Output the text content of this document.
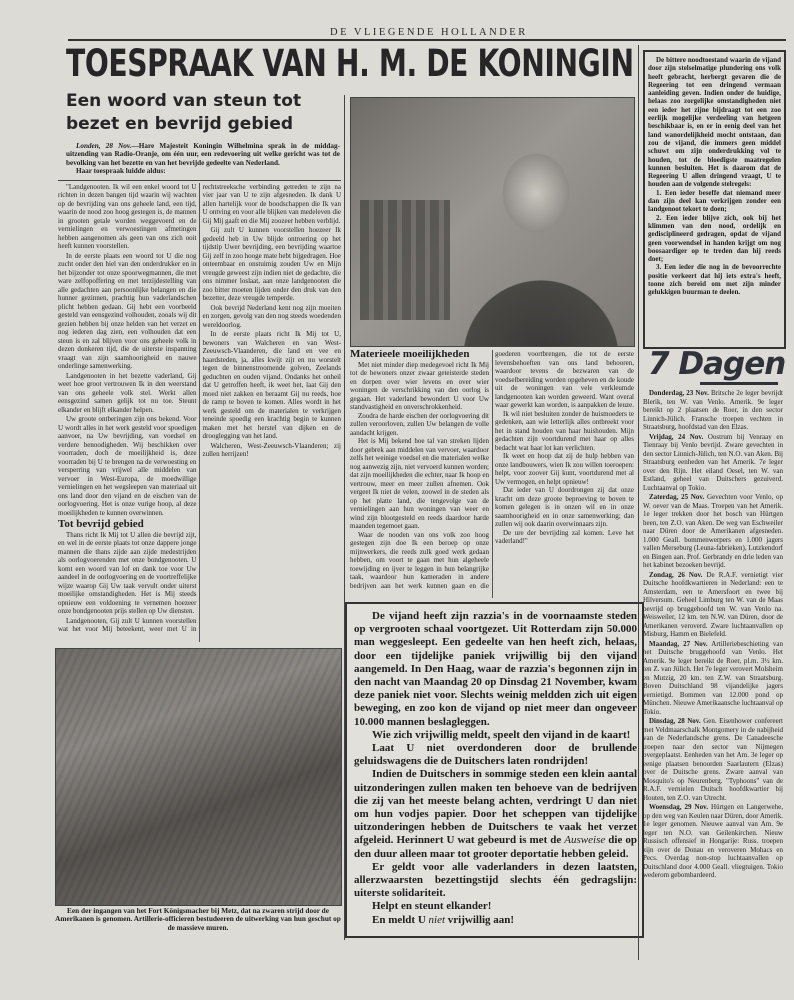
DE VLIEGENDE HOLLANDER
TOESPRAAK VAN H. M. DE KONINGIN
Een woord van steun tot bezet en bevrijd gebied

Londen, 28 Nov.—Hare Majesteit Koningin Wilhelmina sprak in de middag-uitzending van Radio-Oranje, om één uur, een redevoering uit welke gericht was tot de bevolking van het bezette en van het bevrijde gedeelte van Nederland.

Haar toespraak luidde aldus:

"Landgenooten. Ik wil een enkel woord tot U richten in dezen bangen tijd waarin wij wachten op de bevrijding van ons geheele land, een tijd, waarin de nood zoo hoog gestegen is, de mannen in grooten getale worden weggevoerd en de vernielingen en verwoestingen afmetingen hebben aangenomen als geen van ons zich ooit heeft kunnen voorstellen.

In de eerste plaats een woord tot U die nog zucht onder den hiel van den onderdrukker en in het bijzonder tot onze spoorwegmannen, die met ware zelfopoffering en met terzijdestelling van alle gedachten aan persoonlijke belangen en die hunner gezinnen, prachtig hun vaderlandschen plicht hebben gedaan. Gij hebt een voorbeeld gesteld van eensgezind volhouden, zooals wij dit gezien hebben bij onze helden van het verzet en nog iederen dag zien, een volhouden dat een steun is en zal blijven voor ons geheele volk in dezen donkeren tijd, die de uiterste inspanning vraagt van zijn saamhoorigheid en nauwe onderlinge samenwerking.

Landgenooten in het bezette vaderland, Gij weet hoe groot vertrouwen Ik in den weerstand van ons geheele volk stel. Werkt allen eensgezind samen gelijk tot nu toe. Steunt elkander en blijft elkander helpen.

Uw groote ontberingen zijn ons bekend. Voor U wordt alles in het werk gesteld voor spoedigen aanvoer, na Uw bevrijding, van voedsel en verdere benoodigheden. Wij beschikken over voorraden, doch de moeilijkheid is, deze voorraden bij U te brengen na de verwoesting en versperring van vrijwel alle middelen van vervoer in West-Europa, de moedwillige vernielingen en het wegsleepen van materiaal uit ons land door den vijand en de eischen van de oorlogvoering. Het is onze vurige hoop, al deze moeilijkheden te kunnen overwinnen.

Tot bevrijd gebied

Thans richt Ik Mij tot U allen die bevrijd zijt, en wel in de eerste plaats tot onze dappere jonge mannen die thans zijde aan zijde medestrijden als oorlogvoerenden met onze bondgenooten. U komt een woord van lof en dank toe voor Uw aandeel in de oorlogvoering en de voortreffelijke wijze waarop Gij Uw taak vervult onder uiterst moeilijke omstandigheden. Het is Mij steeds opnieuw een voldoening te vernemen hoezeer onze bondgenooten prijs stellen op Uw diensten.

Landgenooten, Gij zult U kunnen voorstellen wat het voor Mij beteekent, weer met U in rechtstreeksche verbinding getreden te zijn na vier jaar van U te zijn afgesneden. Ik dank U allen hartelijk voor de boodschappen die Ik van U ontving en voor alle blijken van medeleven die Gij Mij gaaft en die Mij zoozeer hebben verblijd.

Gij zult U kunnen voorstellen hoezeer Ik gedeeld heb in Uw blijde ontroering op het tijdstip Uwer bevrijding, een bevrijding waartoe Gij zelf in zoo hooge mate hebt bijgedragen. Hoe onteembaar en onstuimig zouden Uw en Mijn vreugde geweest zijn indien niet de gedachte, die ons nimmer loslaat, aan onze landgenooten die zoo bitter moeten lijden onder den druk van den bezetter, deze vreugde temperde.

Ook bevrijd Nederland kent nog zijn moeiten en zorgen, gevolg van den nog steeds woedenden wereldoorlog.

In de eerste plaats richt Ik Mij tot U, bewoners van Walcheren en van West-Zeeuwsch-Vlaanderen, die land en vee en haardsteden, ja, alles kwijt zijt en nu worstelt tegen de binnenstroomende golven, Zeelands geduchten en ouden vijand. Ondanks het onheil dat U getroffen heeft, ik weet het, laat Gij den moed niet zakken en beraamt Gij nu reeds, hoe de ramp te boven te komen. Alles wordt in het werk gesteld om de materialen te verkrijgen teneinde spoedig een krachtig begin te kunnen maken met het herstel van dijken en de drooglegging van het land.

Walcheren, West-Zeeuwsch-Vlaanderen; zij zullen herrijzen!

Materieele moeilijkheden

Met niet minder diep medegevoel richt Ik Mij tot de bewoners onzer zwaar geteisterde steden en dorpen over wier levens en over wier woningen de verschrikking van den oorlog is gegaan. Het vaderland bewondert U voor Uw standvastigheid en onverschrokkenheid.

Zoodra de harde eischen der oorlogvoering dit zullen veroorloven, zullen Uw belangen de volle aandacht krijgen.

Het is Mij bekend hoe tal van streken lijden door gebrek aan middelen van vervoer, waardoor zelfs het weinige voedsel en die materialen welke nog aanwezig zijn, niet vervoerd kunnen worden; dat zijn moeilijkheden die echter, naar Ik hoop en vertrouw, meer en meer zullen afnemen. Ook vergeet Ik niet de velen, zoowel in de steden als op het platte land, die tengevolge van de vernielingen aan hun woningen van weer en wind zijn blootgesteld en reeds daardoor harde maanden tegemoet gaan.

Waar de nooden van ons volk zoo hoog gestegen zijn doe Ik een beroep op onze mijnwerkers, die reeds zulk goed werk gedaan hebben, om voort te gaan met hun algeheele toewijding en ijver te leggen in hun belangrijke taak, waardoor hun kameraden in andere bedrijven aan het werk kunnen gaan en die goederen voortbrengen, die tot de eerste levensbehoeften van ons land behooren, waardoor tevens de bezwaren van de voedselbereiding worden opgeheven en de koude uit de woningen van vele verkleumde landgenooten kan worden geweerd. Want overal waar gewerkt kan worden, is aanpakken de leuze.

Ik wil niet besluiten zonder de huismoeders te gedenken, aan wie letterlijk alles ontbreekt voor het in stand houden van haar huishouden. Mijn gedachten zijn voortdurend met haar op alles bedacht wat haar lot kan verlichten.

Ik weet en hoop dat zij de hulp hebben van onze landbouwers, wien Ik zou willen toeroepen: helpt, voor zoover Gij kunt, voortdurend met al Uw vermogen, en helpt opnieuw!

Dat ieder van U doordrongen zij dat onze kracht om deze groote beproeving te boven te komen gelegen is in onzen wil en in onze saamhoorigheid en in onze samenwerking; dan zullen wij ook daarin overwinnaars zijn.

De ure der bevrijding zal komen. Leve het vaderland!"

De vijand heeft zijn razzia's in de voornaamste steden op vergrooten schaal voortgezet. Uit Rotterdam zijn 50.000 man weggesleept. Een gedeelte van hen heeft zich, helaas, door een tijdelijke paniek vrijwillig bij den vijand aangemeld. In Den Haag, waar de razzia's begonnen zijn in den nacht van Maandag 20 op Dinsdag 21 November, kwam deze paniek niet voor. Slechts weinig meldden zich uit eigen beweging, en zoo kon de vijand op niet meer dan ongeveer 10.000 mannen beslagleggen.

Wie zich vrijwillig meldt, speelt den vijand in de kaart!

Laat U niet overdonderen door de brullende geluidswagens die de Duitschers laten rondrijden!

Indien de Duitschers in sommige steden een klein aantal uitzonderingen zullen maken ten behoeve van de bedrijven die zij van het meeste belang achten, verdringt U dan niet om hun vodjes papier. Door het scheppen van tijdelijke uitzonderingen hebben de Duitschers te vaak het verzet afgeleid. Herinnert U wat gebeurd is met de Ausweise die op den duur alleen maar tot grooter deportatie hebben geleid.

Er geldt voor alle vaderlanders in dezen laatsten, allerzwaarsten bezettingstijd slechts één gedragslijn: uiterste solidariteit.

Helpt en steunt elkander!

En meldt U niet vrijwillig aan!

De bittere noodtoestand waarin de vijand door zijn stelselmatige plundering ons volk heeft gebracht, herbergt gevaren die de Regeering tot een dringend vermaan aanleiding geven. Indien onder de huidige, helaas zoo zorgelijke omstandigheden niet een ieder het zijne bijdraagt tot een zoo eerlijk mogelijke verdeeling van hetgeen beschikbaar is, en er in eenig deel van het land wanordelijkheid mocht ontstaan, dan zou de vijand, die immers geen middel schuwt om zijn onderdrukking vol te houden, tot de bloedigste maatregelen kunnen besluiten. Het is daarom dat de Regeering U allen dringend vraagt, U te houden aan de volgende stelregels:

1. Een ieder beseffe dat niemand meer dan zijn deel kan verkrijgen zonder een landgenoot tekort te doen;

2. Een ieder blijve zich, ook bij het klimmen van den nood, ordelijk en gedisciplineerd gedragen, opdat de vijand geen voorwendsel in handen krijgt om nog boosaardiger op te treden dan hij reeds doet;

3. Een ieder die nog in de bevoorrechte positie verkeert dat hij iets extra's heeft, toone zich bereid om met zijn minder gelukkigen buurman te deelen.

7 Dagen

Donderdag, 23 Nov. Britsche 2e leger bevrijdt Blerik, ten W. van Venlo. Amerik. 9e leger bereikt op 2 plaatsen de Roer, in den sector Linnich-Jülich. Fransche troepen vechten in Straatsburg, hoofdstad van den Elzas.

Vrijdag, 24 Nov. Oostrum bij Venraay en Tienraay bij Venlo bevrijd. Zware gevechten in den sector Linnich-Jülich, ten N.O. van Aken. Bij Straatsburg eenheden van het Amerik. 7e leger over den Rijn. Het eiland Oesel, ten W. van Estland, geheel van Duitschers gezuiverd. Luchtaanval op Tokio.

Zaterdag, 25 Nov. Gevechten voor Venlo, op W. oever van de Maas. Troepen van het Amerik. 1e leger trekken door het bosch van Hürtgen heen, ten Z.O. van Aken. De weg van Eschweiler naar Düren door de Amerikanen afgesneden. 1.000 Geall. bommenwerpers en 1.000 jagers vallen Merseburg (Leuna-fabrieken), Lutzkendorf en Bingen aan. Prof. Gerbrandy en drie leden van het kabinet bezoeken bevrijd.

Zondag, 26 Nov. De R.A.F. vernietigt vier Duitsche hoofdkwartieren in Nederland: een te Amsterdam, een te Amersfoort en twee bij Hilversum. Geheel Limburg ten W. van de Maas bevrijd op bruggehoofd ten W. van Venlo na. Weisweiler, 12 km. ten N.W. van Düren, door de Amerikanen veroverd. Zware luchtaanvallen op Misburg, Hamm en Bielefeld.

Maandag, 27 Nov. Artilleriebeschieting van het Duitsche bruggehoofd van Venlo. Het Amerik. 9e leger bereikt de Roer, pl.m. 3½ km. ten Z. van Jülich. Het 7e leger verovert Molsheim en Mutzig, 20 km. ten Z.W. van Straatsburg. Boven Duitschland 98 vijandelijke jagers vernietigd. Bommen van 12.000 pond op München. Nieuwe Amerikaansche luchtaanval op Tokio.

Dinsdag, 28 Nov. Gen. Eisenhower confereert met Veldmaarschalk Montgomery in de nabijheid van de Nederlandsche grens. De Canadeesche troepen naar den sector van Nijmegen overgeplaatst. Eenheden van het Am. 3e leger op eenige plaatsen benoorden Saarlautern (Elzas) over de Duitsche grens. Zware aanval van Mosquito's op Neurenberg. "Typhoons" van de R.A.F. vernielen Duitsch hoofdkwartier bij Houten, ten Z.O. van Utrecht.

Woensdag, 29 Nov. Hürtgen en Langerwehe, op den weg van Keulen naar Düren, door Amerik. 1e leger genomen. Nieuwe aanval van Am. 9e leger ten N.O. van Geilenkirchen. Nieuw Russisch offensief in Hongarije: Russ. troepen zijn over de Donau en veroveren Mohacs en Pecs. Overdag non-stop luchtaanvallen op Duitschland door 4.000 Geall. vliegtuigen. Tokio wederom gebombardeerd.

Een der ingangen van het Fort Königsmacher bij Metz, dat na zwaren strijd door de Amerikanen is genomen. Artillerie-officieren bestudeeren de uitwerking van hun geschut op de massieve muren.
